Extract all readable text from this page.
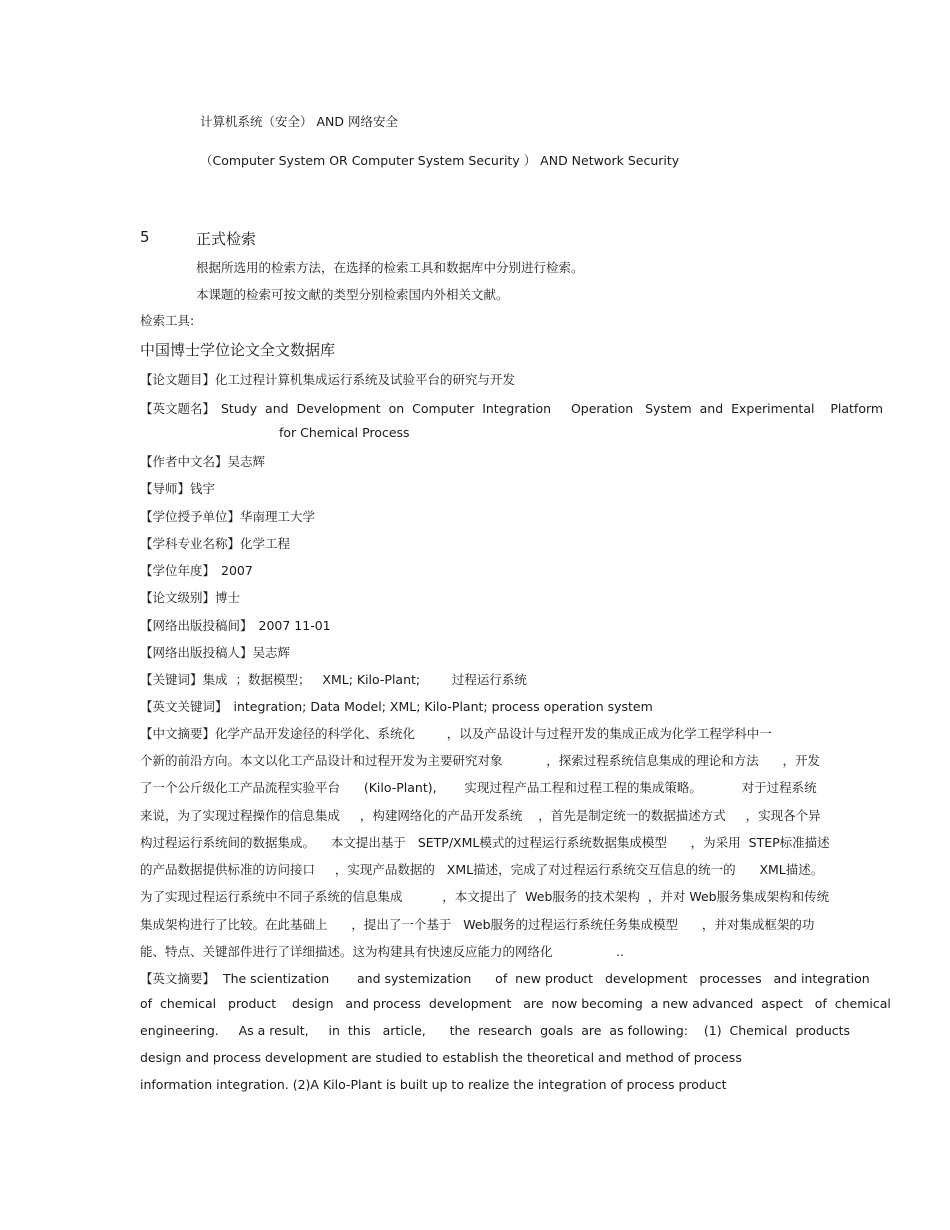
计算机系统（安全） AND 网络安全
（Computer System OR Computer System Security ） AND Network Security
5	正式检索
根据所选用的检索方法，在选择的检索工具和数据库中分别进行检索。
本课题的检索可按文献的类型分别检索国内外相关文献。
检索工具:
中国博士学位论文全文数据库
【论文题目】化工过程计算机集成运行系统及试验平台的研究与开发
【英文题名】 Study  and  Development  on  Computer  Integration     Operation   System  and  Experimental    Platform
for Chemical Process
【作者中文名】吴志辉
【导师】钱宇
【学位授予单位】华南理工大学
【学科专业名称】化学工程
【学位年度】 2007
【论文级别】博士
【网络出版投稿间】 2007 11-01
【网络出版投稿人】吴志辉
【关键词】集成  ；数据模型；   XML; Kilo-Plant;        过程运行系统
【英文关键词】 integration; Data Model; XML; Kilo-Plant; process operation system
【中文摘要】化学产品开发途径的科学化、系统化        ，以及产品设计与过程开发的集成正成为化学工程学科中一
个新的前沿方向。本文以化工产品设计和过程开发为主要研究对象           ，探索过程系统信息集成的理论和方法      ，开发
了一个公斤级化工产品流程实验平台      (Kilo-Plant),       实现过程产品工程和过程工程的集成策略。          对于过程系统
来说，为了实现过程操作的信息集成     ，构建网络化的产品开发系统    ，首先是制定统一的数据描述方式     ，实现各个异
构过程运行系统间的数据集成。    本文提出基于   SETP/XML模式的过程运行系统数据集成模型      ，为采用  STEP标准描述
的产品数据提供标准的访问接口     ，实现产品数据的   XML描述，完成了对过程运行系统交互信息的统一的      XML描述。
为了实现过程运行系统中不同子系统的信息集成          ，本文提出了  Web服务的技术架构  ，并对 Web服务集成架构和传统
集成架构进行了比较。在此基础上      ，提出了一个基于   Web服务的过程运行系统任务集成模型      ，并对集成框架的功
能、特点、关键部件进行了详细描述。这为构建具有快速反应能力的网络化                ..
【英文摘要】  The scientization       and systemization      of  new product   development   processes   and integration
of  chemical   product    design   and process  development   are  now becoming  a new advanced  aspect   of  chemical
engineering.     As a result,     in  this   article,      the  research  goals  are  as following:    (1)  Chemical  products
design and process development are studied to establish the theoretical and method of process
information integration. (2)A Kilo-Plant is built up to realize the integration of process product
